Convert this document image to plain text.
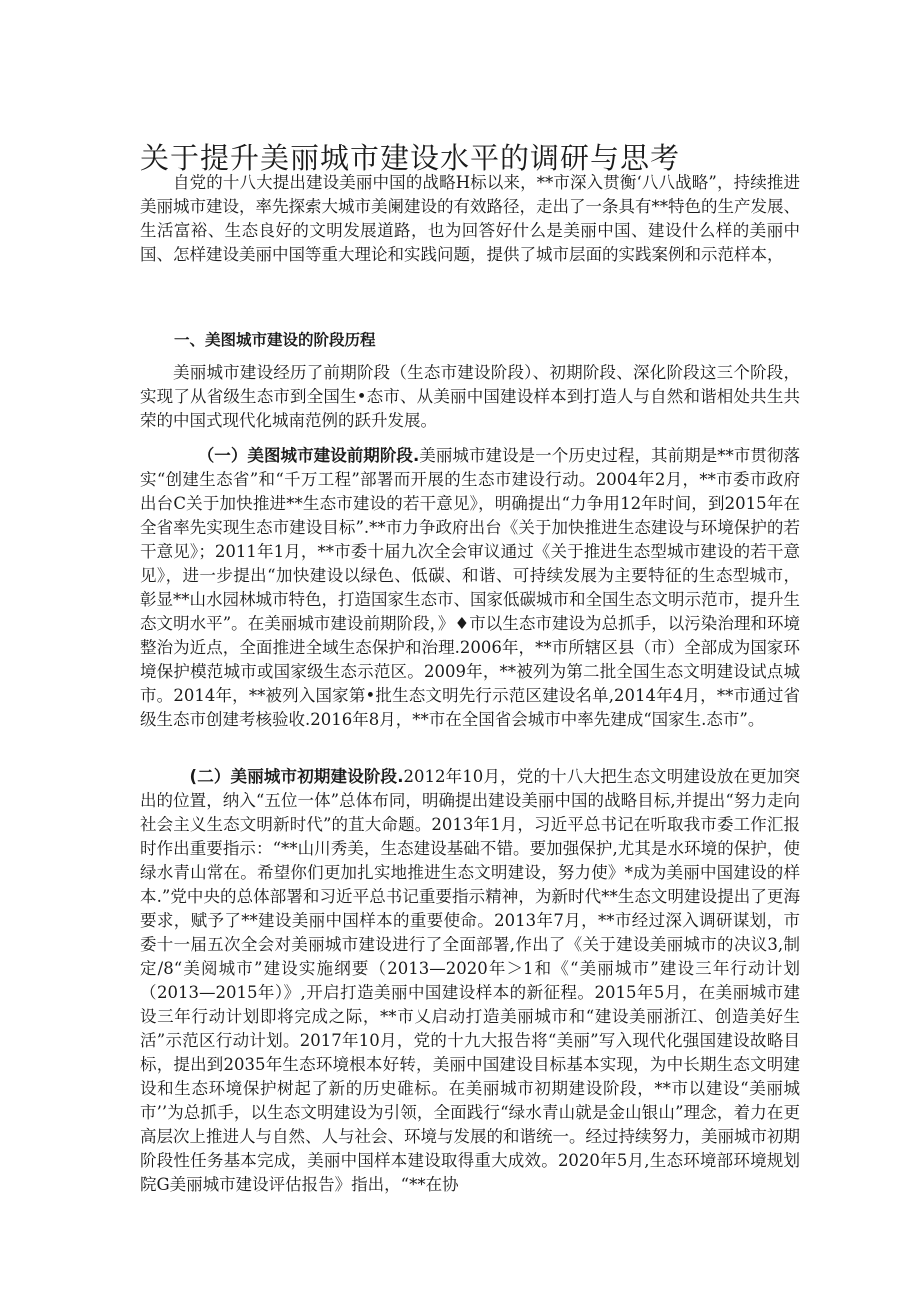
关于提升美丽城市建设水平的调研与思考

自党的十八大提出建设美丽中国的战略H标以来，**市深入贯衡‘八八战略”，持续推进美丽城市建设，率先探索大城市美阑建设的有效路径，走出了一条具有**特色的生产发展、生活富裕、生态良好的文明发展道路，也为回答好什么是美丽中国、建设什么样的美丽中国、怎样建设美丽中国等重大理论和实践问题，提供了城市层面的实践案例和示范样本，

一、美图城市建设的阶段历程

美丽城市建设经历了前期阶段（生态市建设阶段）、初期阶段、深化阶段这三个阶段，实现了从省级生态市到全国生•态市、从美丽中国建设样本到打造人与自然和谐相处共生共荣的中国式现代化城南范例的跃升发展。

（一）美图城市建设前期阶段.美丽城市建设是一个历史过程，其前期是**市贯彻落实“创建生态省”和“千万工程”部署而开展的生态市建设行动。2004年2月，**市委市政府出台C关于加快推进**生态市建设的若干意见》，明确提出“力争用12年时间，到2015年在全省率先实现生态市建设目标”.**市力争政府出台《关于加快推进生态建设与环境保护的若干意见》；2011年1月，**市委十届九次全会审议通过《关于推进生态型城市建设的若干意见》，进一步提出“加快建设以绿色、低碳、和谐、可持续发展为主要特征的生态型城市，彰显**山水园林城市特色，打造国家生态市、国家低碳城市和全国生态文明示范市，提升生态文明水平”。在美丽城市建设前期阶段，》♦市以生态市建设为总抓手，以污染治理和环境整治为近点，全面推进全域生态保护和治理.2006年，**市所辖区县（市）全部成为国家环境保护模范城市或国家级生态示范区。2009年，**被列为第二批全国生态文明建设试点城市。2014年，**被列入国家第•批生态文明先行示范区建设名单,2014年4月，**市通过省级生态市创建考核验收.2016年8月，**市在全国省会城市中率先建成“国家生.态市”。

(二）美丽城市初期建设阶段.2012年10月，党的十八大把生态文明建设放在更加突出的位置，纳入“五位一体”总体布同，明确提出建设美丽中国的战略目标,并提出“努力走向社会主义生态文明新时代”的苴大命题。2013年1月，习近平总书记在听取我市委工作汇报时作出重要指示：“**山川秀美，生态建设基础不错。要加强保护,尤其是水环境的保护，使绿水青山常在。希望你们更加扎实地推进生态文明建设，努力使》*成为美丽中国建设的样本.”党中央的总体部署和习近平总书记重要指示精神，为新时代**生态文明建设提出了更海要求，赋予了**建设美丽中国样本的重要使命。2013年7月，**市经过深入调研谋划，市委十一届五次全会对美丽城市建设进行了全面部署,作出了《关于建设美丽城市的决议3,制定/8“美阅城市”建设实施纲要（2013—2020年＞1和《“美丽城市”建设三年行动计划（2013—2015年）》,开启打造美丽中国建设样本的新征程。2015年5月，在美丽城市建设三年行动计划即将完成之际，**市乂启动打造美丽城市和“建设美丽浙江、创造美好生活”示范区行动计划。2017年10月，党的十九大报告将“美丽”写入现代化强国建设故略目标，提出到2035年生态环境根本好转，美丽中国建设目标基本实现，为中长期生态文明建设和生态环境保护树起了新的历史碓标。在美丽城市初期建设阶段，**市以建设“美丽城市’’为总抓手，以生态文明建设为引领，全面践行“绿水青山就是金山银山”理念，着力在更高层次上推进人与自然、人与社会、环境与发展的和谐统一。经过持续努力，美丽城市初期阶段性任务基本完成，美丽中国样本建设取得重大成效。2020年5月,生态环境部环境规划院G美丽城市建设评估报告》指出，“**在协
